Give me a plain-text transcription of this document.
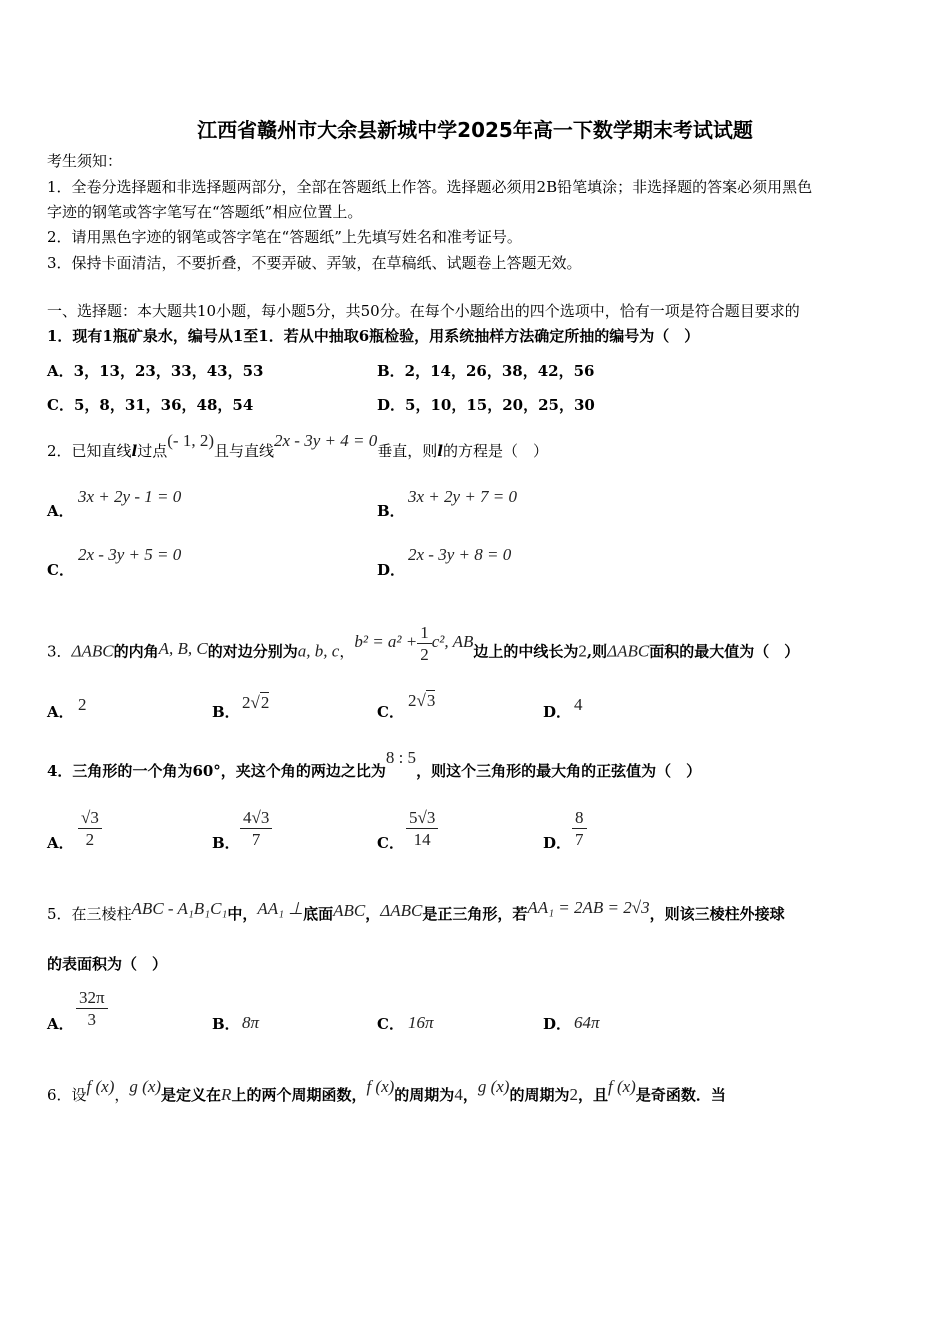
江西省赣州市大余县新城中学2025年高一下数学期末考试试题
考生须知：
1．全卷分选择题和非选择题两部分，全部在答题纸上作答。选择题必须用2B铅笔填涂；非选择题的答案必须用黑色
字迹的钢笔或答字笔写在“答题纸”相应位置上。
2．请用黑色字迹的钢笔或答字笔在“答题纸”上先填写姓名和准考证号。
3．保持卡面清洁，不要折叠，不要弄破、弄皱，在草稿纸、试题卷上答题无效。
一、选择题：本大题共10小题，每小题5分，共50分。在每个小题给出的四个选项中，恰有一项是符合题目要求的
1．现有1瓶矿泉水，编号从1至1．若从中抽取6瓶检验，用系统抽样方法确定所抽的编号为（　）
A．3，13，23，33，43，53	B．2，14，26，38，42，56
C．5，8，31，36，48，54	D．5，10，15，20，25，30
2．已知直线l过点(- 1, 2)且与直线2x - 3y + 4 = 0垂直，则l的方程是（　）
A．
3x + 2y - 1 = 0
B．
3x + 2y + 7 = 0
C．
2x - 3y + 5 = 0
D．
2x - 3y + 8 = 0
3．ΔABC的内角A, B, C的对边分别为a, b, c，$b^2 = a^2 + \frac{1}{2} c^2$, AB边上的中线长为2,则ΔABC面积的最大值为（　）
A． 2	B． 2√2	C．
2√3
D． 4
4．三角形的一个角为60°，夹这个角的两边之比为8 : 5，则这个三角形的最大角的正弦值为（　）
A． $\frac{√3}{2}$	B． $\frac{4√3}{7}$	C． $\frac{5√3}{14}$	D． $\frac{8}{7}$
5．在三棱柱ABC - A₁B₁C₁中，AA₁ ⊥底面ABC，ΔABC是正三角形，若AA₁ = 2AB = 2√3，则该三棱柱外接球
的表面积为（　）
A． $\frac{32\pi}{3}$	B． 8π	C． 16π	D． 64π
6．设f (x)，g (x)是定义在R上的两个周期函数，f (x)的周期为4，g (x)的周期为2，且f (x)是奇函数．当
